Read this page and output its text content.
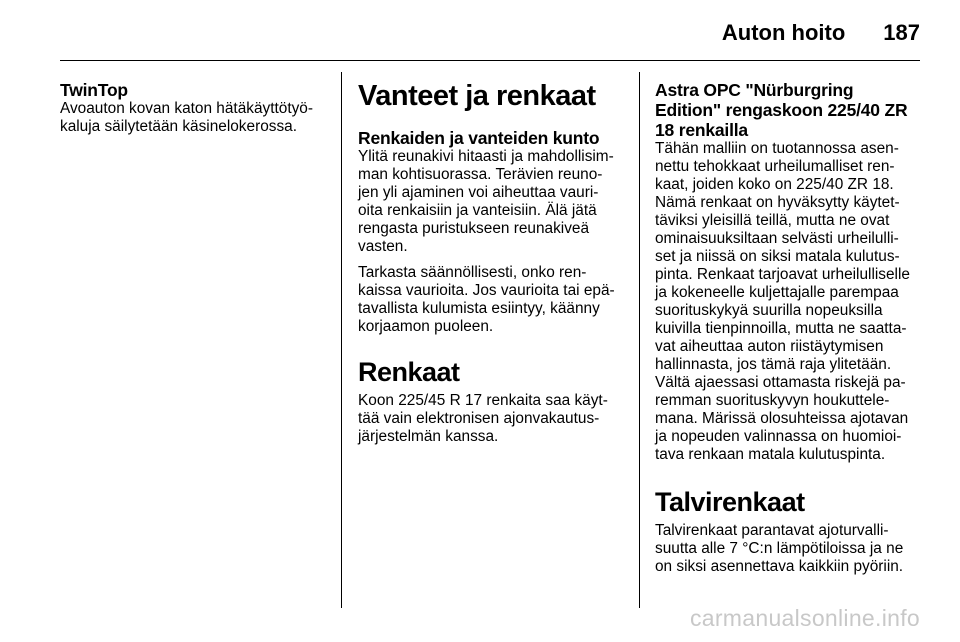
Auton hoito 187

TwinTop

Avoauton kovan katon hätäkäyttötyö-
kaluja säilytetään käsinelokerossa.

Vanteet ja renkaat

Renkaiden ja vanteiden kunto

Ylitä reunakivi hitaasti ja mahdollisim-
man kohtisuorassa. Terävien reuno-
jen yli ajaminen voi aiheuttaa vauri-
oita renkaisiin ja vanteisiin. Älä jätä
rengasta puristukseen reunakiveä
vasten.

Tarkasta säännöllisesti, onko ren-
kaissa vaurioita. Jos vaurioita tai epä-
tavallista kulumista esiintyy, käänny
korjaamon puoleen.

Renkaat

Koon 225/45 R 17 renkaita saa käyt-
tää vain elektronisen ajonvakautus-
järjestelmän kanssa.

Astra OPC "Nürburgring
Edition" rengaskoon 225/40 ZR
18 renkailla

Tähän malliin on tuotannossa asen-
nettu tehokkaat urheilumalliset ren-
kaat, joiden koko on 225/40 ZR 18.
Nämä renkaat on hyväksytty käytet-
täviksi yleisillä teillä, mutta ne ovat
ominaisuuksiltaan selvästi urheilulli-
set ja niissä on siksi matala kulutus-
pinta. Renkaat tarjoavat urheilulliselle
ja kokeneelle kuljettajalle parempaa
suorituskykyä suurilla nopeuksilla
kuivilla tienpinnoilla, mutta ne saatta-
vat aiheuttaa auton riistäytymisen
hallinnasta, jos tämä raja ylitetään.
Vältä ajaessasi ottamasta riskejä pa-
remman suorituskyvyn houkuttele-
mana. Märissä olosuhteissa ajotavan
ja nopeuden valinnassa on huomioi-
tava renkaan matala kulutuspinta.

Talvirenkaat

Talvirenkaat parantavat ajoturvalli-
suutta alle 7 °C:n lämpötiloissa ja ne
on siksi asennettava kaikkiin pyöriin.

carmanualsonline.info
